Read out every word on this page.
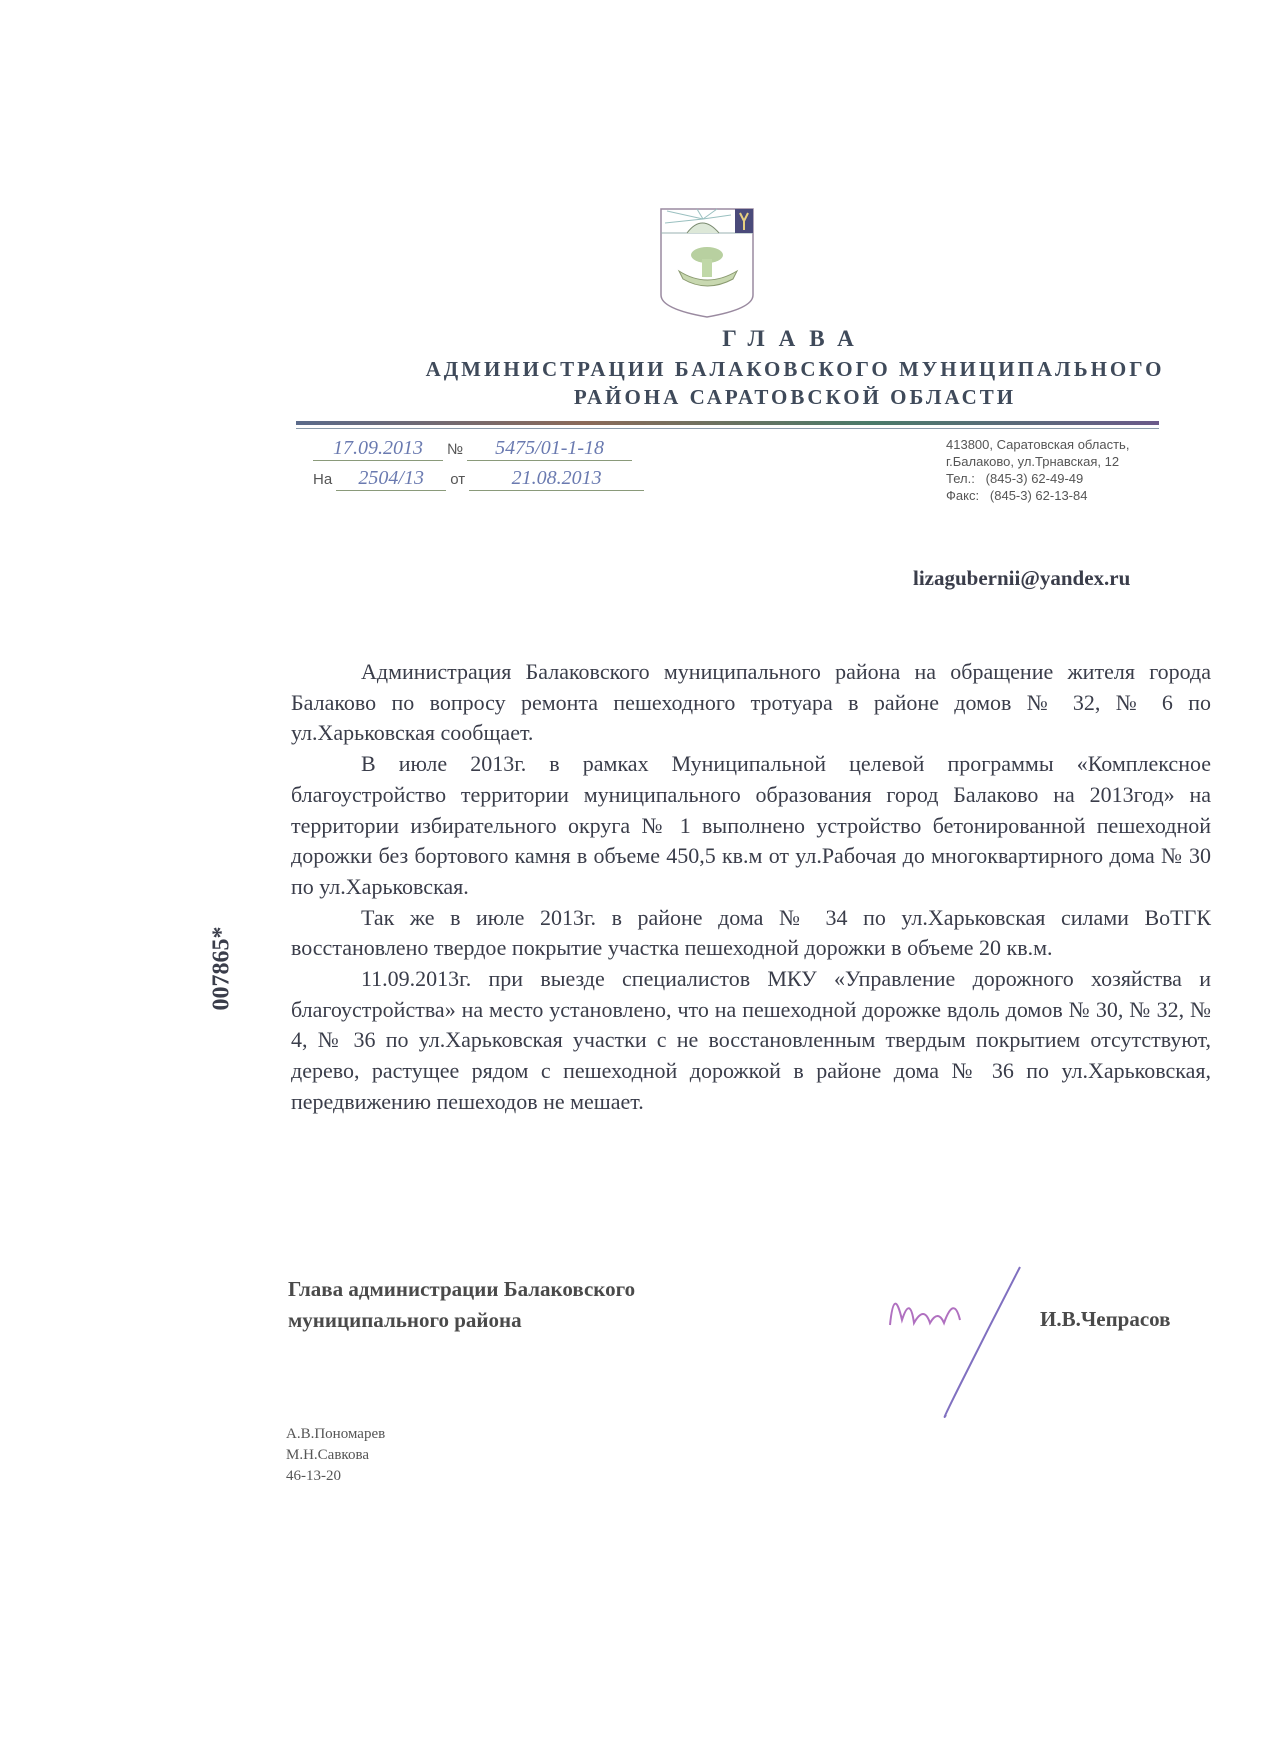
ГЛАВА
АДМИНИСТРАЦИИ БАЛАКОВСКОГО МУНИЦИПАЛЬНОГО
РАЙОНА САРАТОВСКОЙ ОБЛАСТИ
17.09.2013 № 5475/01-1-18
На 2504/13 от 21.08.2013
413800, Саратовская область,
г.Балаково, ул.Трнавская, 12
Тел.: (845-3) 62-49-49
Факс: (845-3) 62-13-84
lizagubernii@yandex.ru

Администрация Балаковского муниципального района на обращение жителя города Балаково по вопросу ремонта пешеходного тротуара в районе домов № 32, № 6 по ул.Харьковская сообщает.

В июле 2013г. в рамках Муниципальной целевой программы «Комплексное благоустройство территории муниципального образования город Балаково на 2013год» на территории избирательного округа № 1 выполнено устройство бетонированной пешеходной дорожки без бортового камня в объеме 450,5 кв.м от ул.Рабочая до многоквартирного дома № 30 по ул.Харьковская.

Так же в июле 2013г. в районе дома № 34 по ул.Харьковская силами ВоТГК восстановлено твердое покрытие участка пешеходной дорожки в объеме 20 кв.м.

11.09.2013г. при выезде специалистов МКУ «Управление дорожного хозяйства и благоустройства» на место установлено, что на пешеходной дорожке вдоль домов № 30, № 32, № 4, № 36 по ул.Харьковская участки с не восстановленным твердым покрытием отсутствуют, дерево, растущее рядом с пешеходной дорожкой в районе дома № 36 по ул.Харьковская, передвижению пешеходов не мешает.

007865*
Глава администрации Балаковского
муниципального района	И.В.Чепрасов
А.В.Пономарев
М.Н.Савкова
46-13-20
